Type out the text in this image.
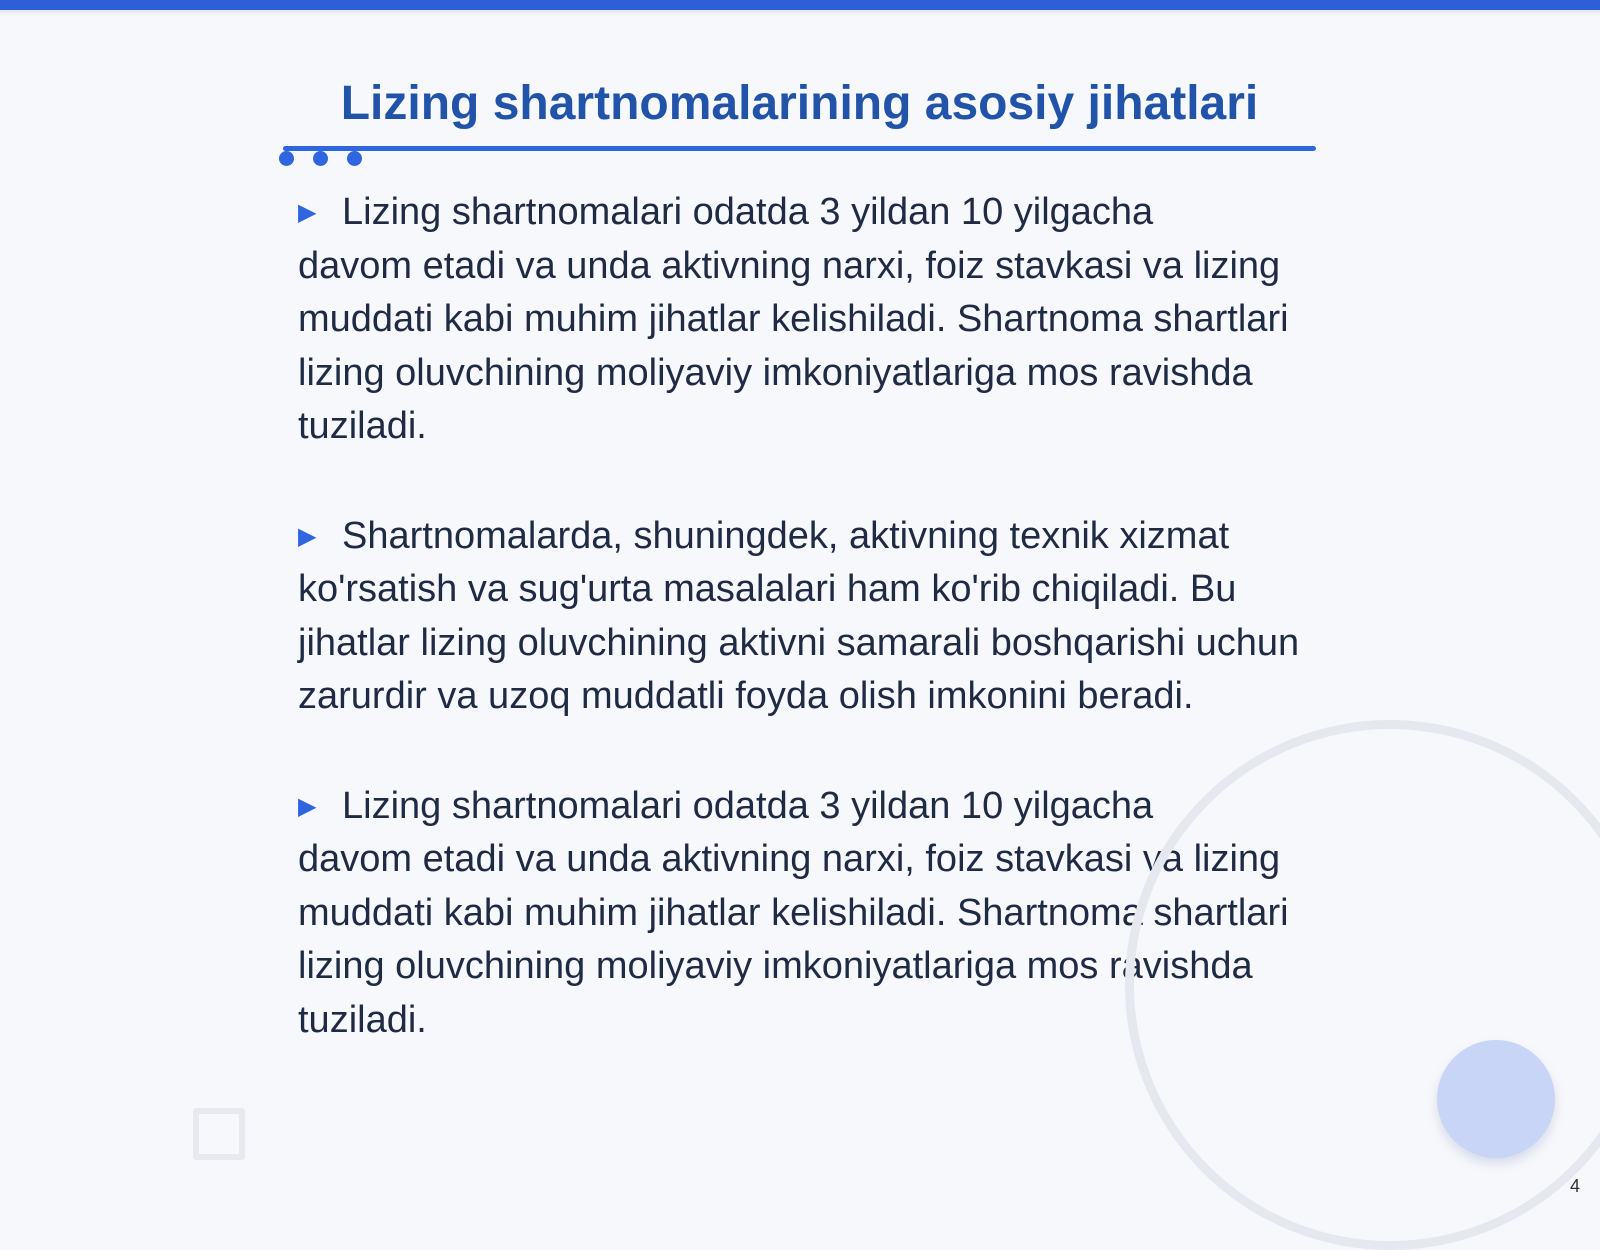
Lizing shartnomalarining asosiy jihatlari

▶ Lizing shartnomalari odatda 3 yildan 10 yilgacha
davom etadi va unda aktivning narxi, foiz stavkasi va lizing muddati kabi muhim jihatlar kelishiladi. Shartnoma shartlari lizing oluvchining moliyaviy imkoniyatlariga mos ravishda tuziladi.

▶ Shartnomalarda, shuningdek, aktivning texnik xizmat
ko'rsatish va sug'urta masalalari ham ko'rib chiqiladi. Bu jihatlar lizing oluvchining aktivni samarali boshqarishi uchun zarurdir va uzoq muddatli foyda olish imkonini beradi.

▶ Lizing shartnomalari odatda 3 yildan 10 yilgacha
davom etadi va unda aktivning narxi, foiz stavkasi va lizing muddati kabi muhim jihatlar kelishiladi. Shartnoma shartlari lizing oluvchining moliyaviy imkoniyatlariga mos ravishda tuziladi.

4
